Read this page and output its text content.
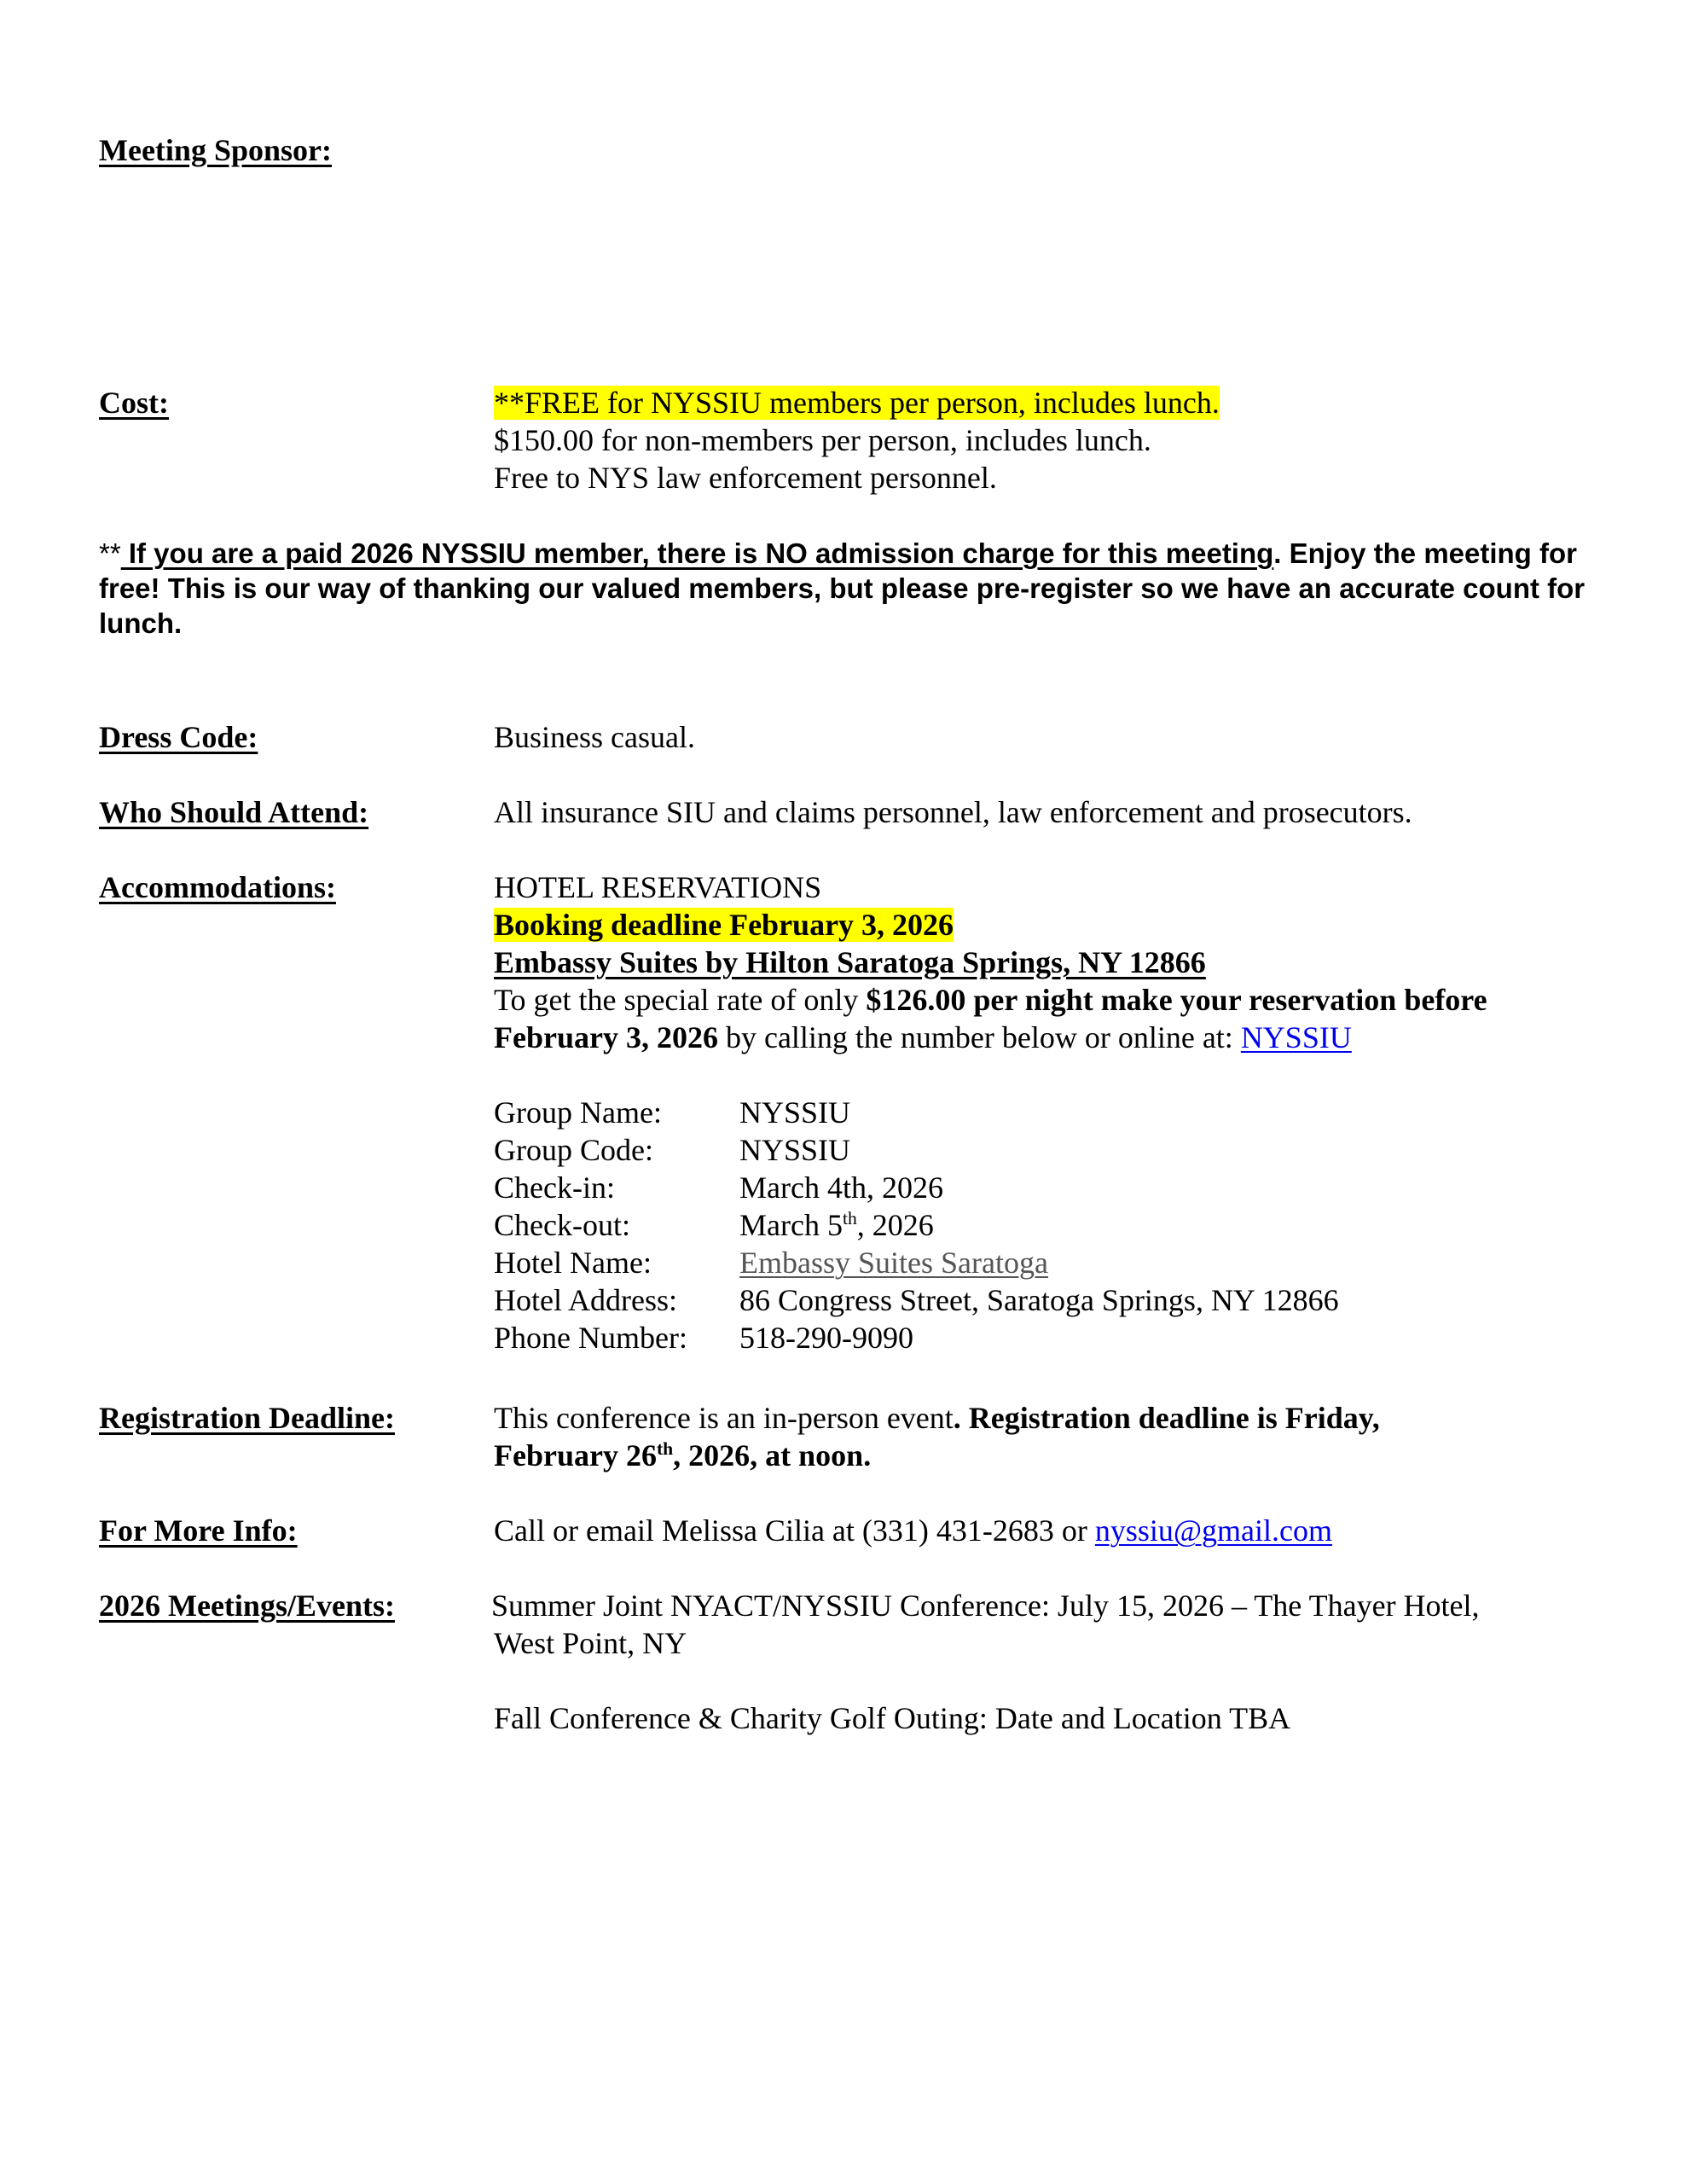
Meeting Sponsor:
Cost:	**FREE for NYSSIU members per person, includes lunch.
$150.00 for non-members per person, includes lunch.
Free to NYS law enforcement personnel.
** If you are a paid 2026 NYSSIU member, there is NO admission charge for this meeting. Enjoy the meeting for free! This is our way of thanking our valued members, but please pre-register so we have an accurate count for lunch.
Dress Code:	Business casual.
Who Should Attend:	All insurance SIU and claims personnel, law enforcement and prosecutors.
Accommodations:	HOTEL RESERVATIONS
Booking deadline February 3, 2026
Embassy Suites by Hilton Saratoga Springs, NY 12866
To get the special rate of only $126.00 per night make your reservation before
February 3, 2026 by calling the number below or online at: NYSSIU
Group Name:	NYSSIU
Group Code:	NYSSIU
Check-in:	March 4th, 2026
Check-out:	March 5th, 2026
Hotel Name:	Embassy Suites Saratoga
Hotel Address:	86 Congress Street, Saratoga Springs, NY 12866
Phone Number:	518-290-9090
Registration Deadline:	This conference is an in-person event. Registration deadline is Friday,
February 26th, 2026, at noon.
For More Info:	Call or email Melissa Cilia at (331) 431-2683 or nyssiu@gmail.com
2026 Meetings/Events:	Summer Joint NYACT/NYSSIU Conference: July 15, 2026 – The Thayer Hotel,
West Point, NY
Fall Conference & Charity Golf Outing: Date and Location TBA
